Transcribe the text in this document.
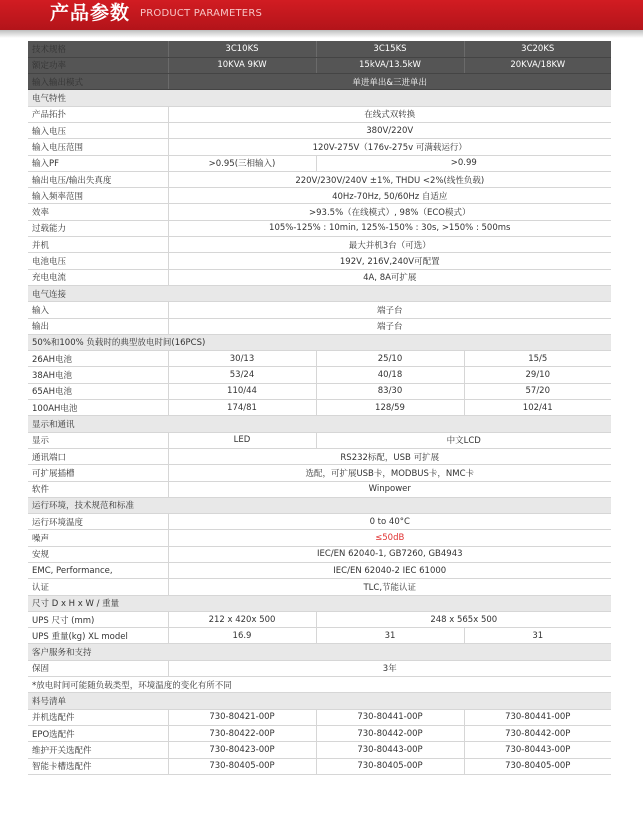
产品参数 PRODUCT PARAMETERS
技术规格	3C10KS	3C15KS	3C20KS
额定功率	10KVA 9KW	15kVA/13.5kW	20KVA/18KW
输入输出模式	单进单出&三进单出		
电气特性			
产品拓扑	在线式双转换		
输入电压	380V/220V		
输入电压范围	120V-275V（176v-275v 可满载运行）		
输入PF	>0.95(三相输入)	>0.99	
输出电压/输出失真度	220V/230V/240V ±1%, THDU <2%(线性负载)		
输入频率范围	40Hz-70Hz, 50/60Hz 自适应		
效率	>93.5%（在线模式）, 98%（ECO模式）		
过载能力	105%-125% : 10min, 125%-150% : 30s, >150% : 500ms		
并机	最大并机3台（可选）		
电池电压	192V, 216V,240V可配置		
充电电流	4A, 8A可扩展		
电气连接			
输入	端子台		
输出	端子台		
50%和100% 负载时的典型放电时间(16PCS)			
26AH电池	30/13	25/10	15/5
38AH电池	53/24	40/18	29/10
65AH电池	110/44	83/30	57/20
100AH电池	174/81	128/59	102/41
显示和通讯			
显示	LED	中文LCD	
通讯端口	RS232标配，USB 可扩展		
可扩展插槽	选配，可扩展USB卡，MODBUS卡，NMC卡		
软件	Winpower		
运行环境，技术规范和标准			
运行环境温度	0 to 40°C		
噪声	≤50dB		
安规	IEC/EN 62040-1, GB7260, GB4943		
EMC, Performance,	IEC/EN 62040-2 IEC 61000		
认证	TLC,节能认证		
尺寸 D x H x W / 重量			
UPS 尺寸 (mm)	212 x 420x 500	248 x 565x 500	
UPS 重量(kg) XL model	16.9	31	31
客户服务和支持			
保固	3年		
*放电时间可能随负载类型，环境温度的变化有所不同			
料号清单			
并机选配件	730-80421-00P	730-80441-00P	730-80441-00P
EPO选配件	730-80422-00P	730-80442-00P	730-80442-00P
维护开关选配件	730-80423-00P	730-80443-00P	730-80443-00P
智能卡槽选配件	730-80405-00P	730-80405-00P	730-80405-00P
